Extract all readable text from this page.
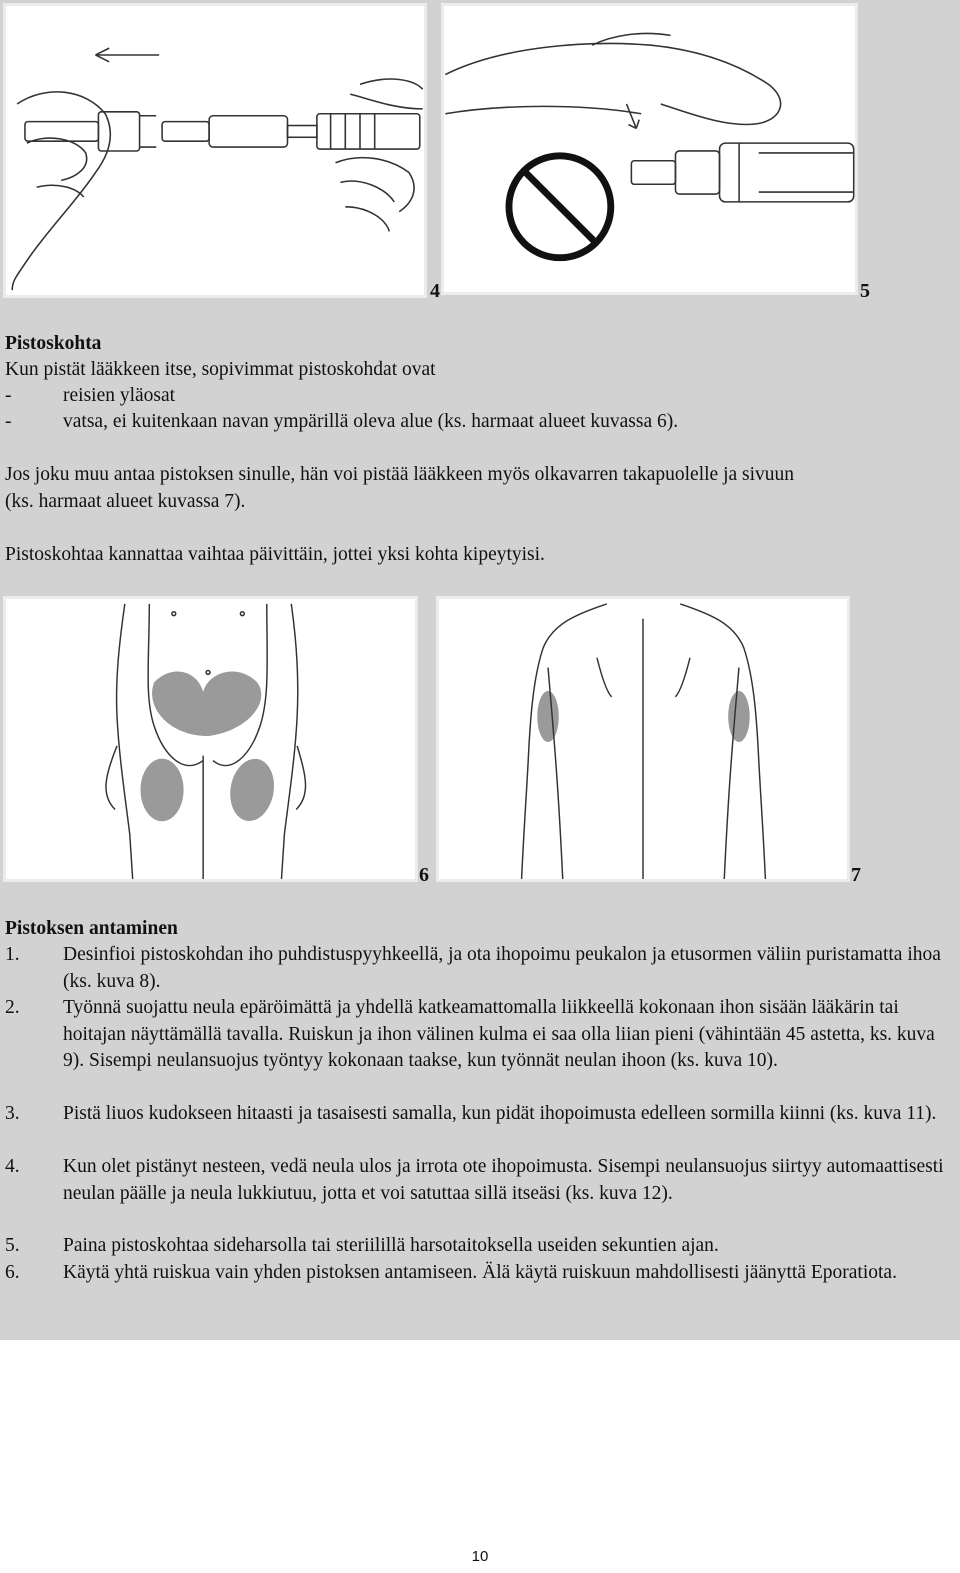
4	5
Pistoskohta
Kun pistät lääkkeen itse, sopivimmat pistoskohdat ovat
-	reisien yläosat
-	vatsa, ei kuitenkaan navan ympärillä oleva alue (ks. harmaat alueet kuvassa 6).
Jos joku muu antaa pistoksen sinulle, hän voi pistää lääkkeen myös olkavarren takapuolelle ja sivuun
(ks. harmaat alueet kuvassa 7).
Pistoskohtaa kannattaa vaihtaa päivittäin, jottei yksi kohta kipeytyisi.
6	7
Pistoksen antaminen
1.	Desinfioi pistoskohdan iho puhdistuspyyhkeellä, ja ota ihopoimu peukalon ja etusormen väliin puristamatta ihoa (ks. kuva 8).
2.	Työnnä suojattu neula epäröimättä ja yhdellä katkeamattomalla liikkeellä kokonaan ihon sisään lääkärin tai hoitajan näyttämällä tavalla. Ruiskun ja ihon välinen kulma ei saa olla liian pieni (vähintään 45 astetta, ks. kuva 9). Sisempi neulansuojus työntyy kokonaan taakse, kun työnnät neulan ihoon (ks. kuva 10).
3.	Pistä liuos kudokseen hitaasti ja tasaisesti samalla, kun pidät ihopoimusta edelleen sormilla kiinni (ks. kuva 11).
4.	Kun olet pistänyt nesteen, vedä neula ulos ja irrota ote ihopoimusta. Sisempi neulansuojus siirtyy automaattisesti neulan päälle ja neula lukkiutuu, jotta et voi satuttaa sillä itseäsi (ks. kuva 12).
5.	Paina pistoskohtaa sideharsolla tai steriilillä harsotaitoksella useiden sekuntien ajan.
6.	Käytä yhtä ruiskua vain yhden pistoksen antamiseen. Älä käytä ruiskuun mahdollisesti jäänyttä Eporatiota.
10
